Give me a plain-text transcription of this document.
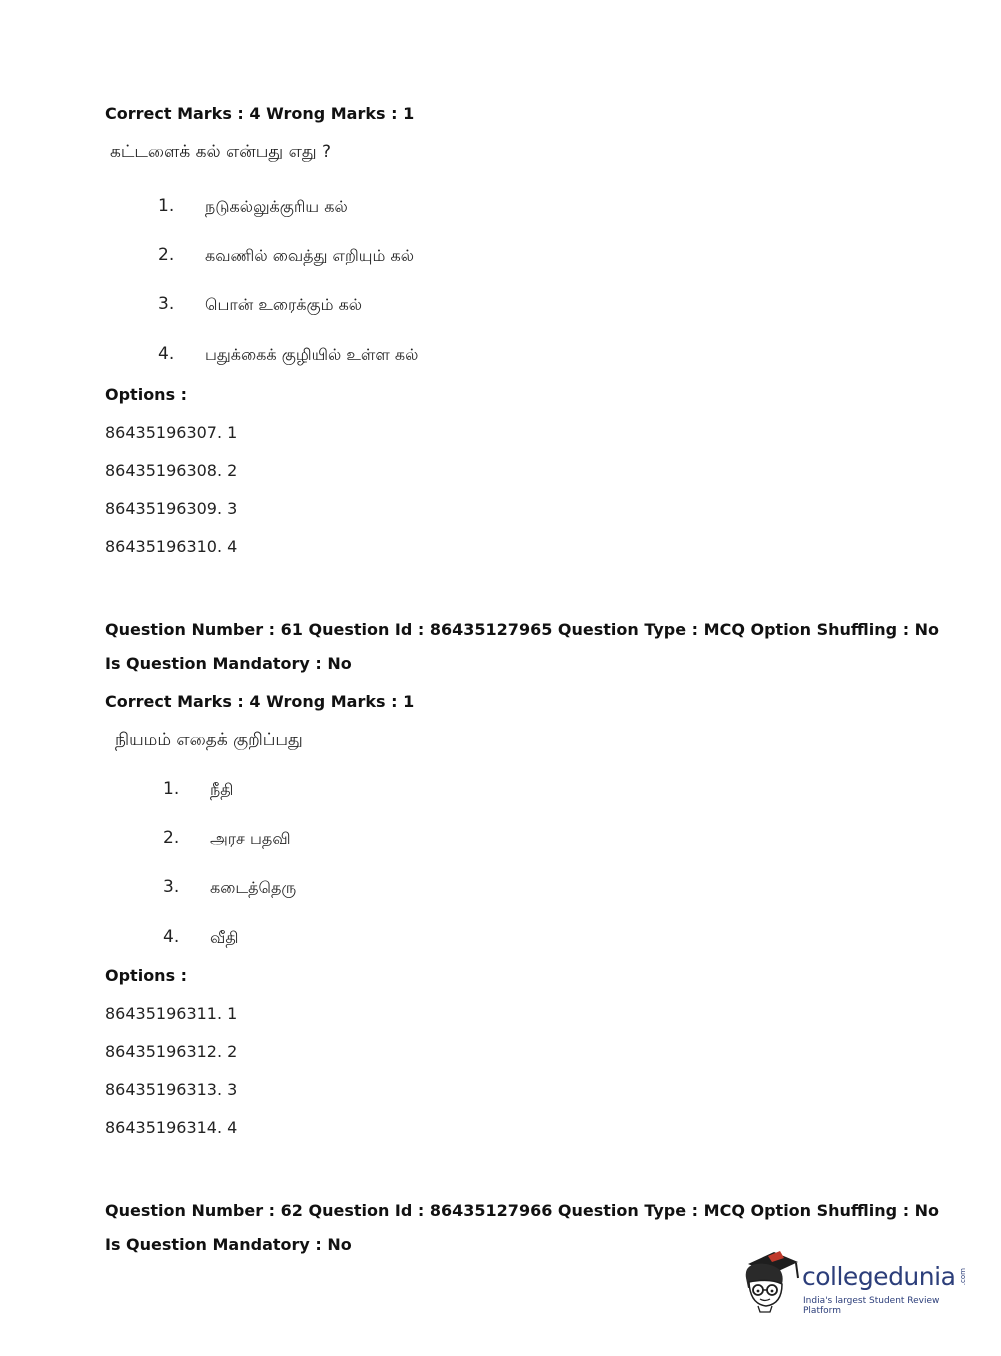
Correct Marks : 4 Wrong Marks : 1
கட்டளைக் கல் என்பது எது ?
1. நடுகல்லுக்குரிய கல்
2. கவணில் வைத்து எறியும் கல்
3. பொன் உரைக்கும் கல்
4. பதுக்கைக் குழியில் உள்ள கல்
Options :
86435196307. 1
86435196308. 2
86435196309. 3
86435196310. 4
Question Number : 61 Question Id : 86435127965 Question Type : MCQ Option Shuffling : No
Is Question Mandatory : No
Correct Marks : 4 Wrong Marks : 1
நியமம் எதைக் குறிப்பது
1. நீதி
2. அரச பதவி
3. கடைத்தெரு
4. வீதி
Options :
86435196311. 1
86435196312. 2
86435196313. 3
86435196314. 4
Question Number : 62 Question Id : 86435127966 Question Type : MCQ Option Shuffling : No
Is Question Mandatory : No
collegedunia .com
India's largest Student Review Platform
